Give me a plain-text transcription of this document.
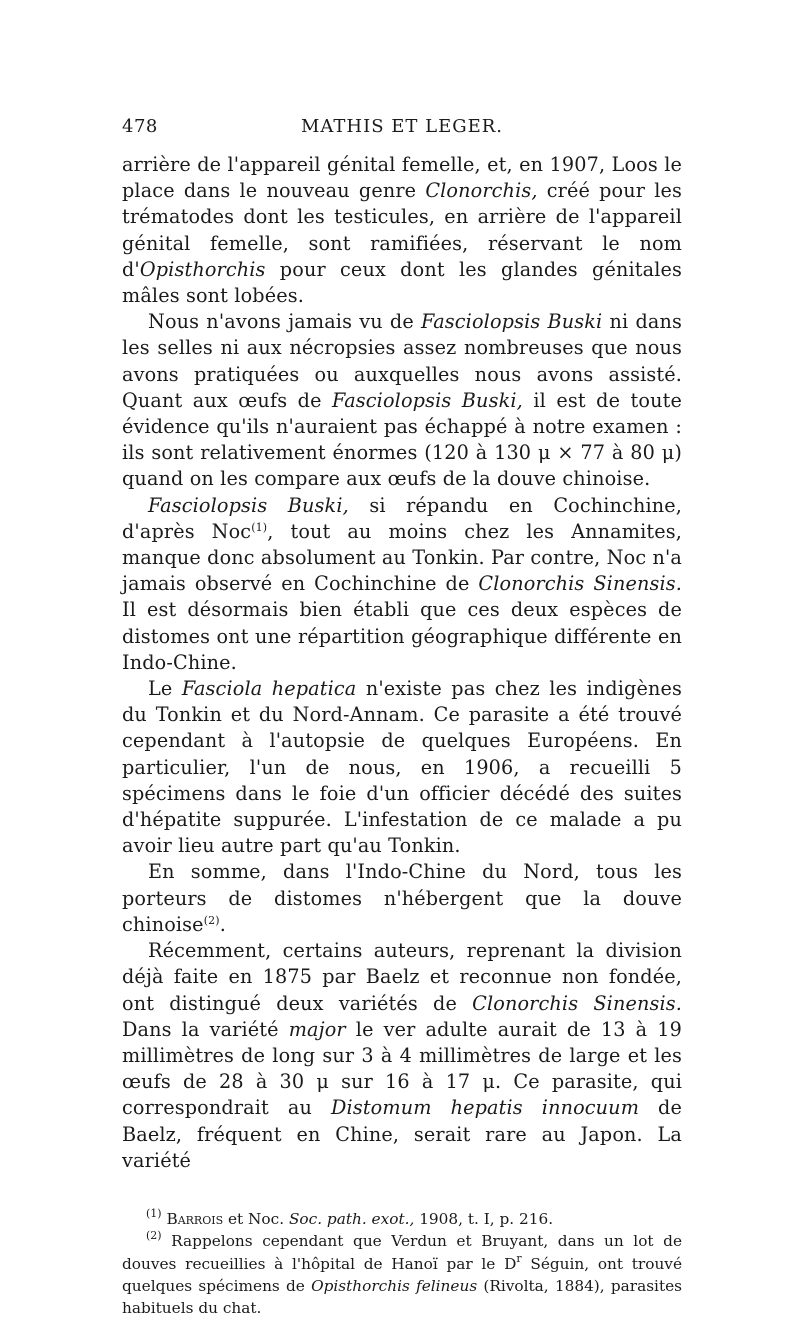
478	MATHIS ET LEGER.

arrière de l'appareil génital femelle, et, en 1907, Loos le place dans le nouveau genre Clonorchis, créé pour les trématodes dont les testicules, en arrière de l'appareil génital femelle, sont ramifiées, réservant le nom d'Opisthorchis pour ceux dont les glandes génitales mâles sont lobées.

Nous n'avons jamais vu de Fasciolopsis Buski ni dans les selles ni aux nécropsies assez nombreuses que nous avons pratiquées ou auxquelles nous avons assisté. Quant aux œufs de Fasciolopsis Buski, il est de toute évidence qu'ils n'auraient pas échappé à notre examen : ils sont relativement énormes (120 à 130 μ × 77 à 80 μ) quand on les compare aux œufs de la douve chinoise.

Fasciolopsis Buski, si répandu en Cochinchine, d'après Noc$^{(1)}$, tout au moins chez les Annamites, manque donc absolument au Tonkin. Par contre, Noc n'a jamais observé en Cochinchine de Clonorchis Sinensis. Il est désormais bien établi que ces deux espèces de distomes ont une répartition géographique différente en Indo-Chine.

Le Fasciola hepatica n'existe pas chez les indigènes du Tonkin et du Nord-Annam. Ce parasite a été trouvé cependant à l'autopsie de quelques Européens. En particulier, l'un de nous, en 1906, a recueilli 5 spécimens dans le foie d'un officier décédé des suites d'hépatite suppurée. L'infestation de ce malade a pu avoir lieu autre part qu'au Tonkin.

En somme, dans l'Indo-Chine du Nord, tous les porteurs de distomes n'hébergent que la douve chinoise$^{(2)}$.

Récemment, certains auteurs, reprenant la division déjà faite en 1875 par Baelz et reconnue non fondée, ont distingué deux variétés de Clonorchis Sinensis. Dans la variété major le ver adulte aurait de 13 à 19 millimètres de long sur 3 à 4 millimètres de large et les œufs de 28 à 30 μ sur 16 à 17 μ. Ce parasite, qui correspondrait au Distomum hepatis innocuum de Baelz, fréquent en Chine, serait rare au Japon. La variété

$^{(1)}$ Barrois et Noc. Soc. path. exot., 1908, t. I, p. 216.

$^{(2)}$ Rappelons cependant que Verdun et Bruyant, dans un lot de douves recueillies à l'hôpital de Hanoï par le $D^r$ Séguin, ont trouvé quelques spécimens de Opisthorchis felineus (Rivolta, 1884), parasites habituels du chat.
